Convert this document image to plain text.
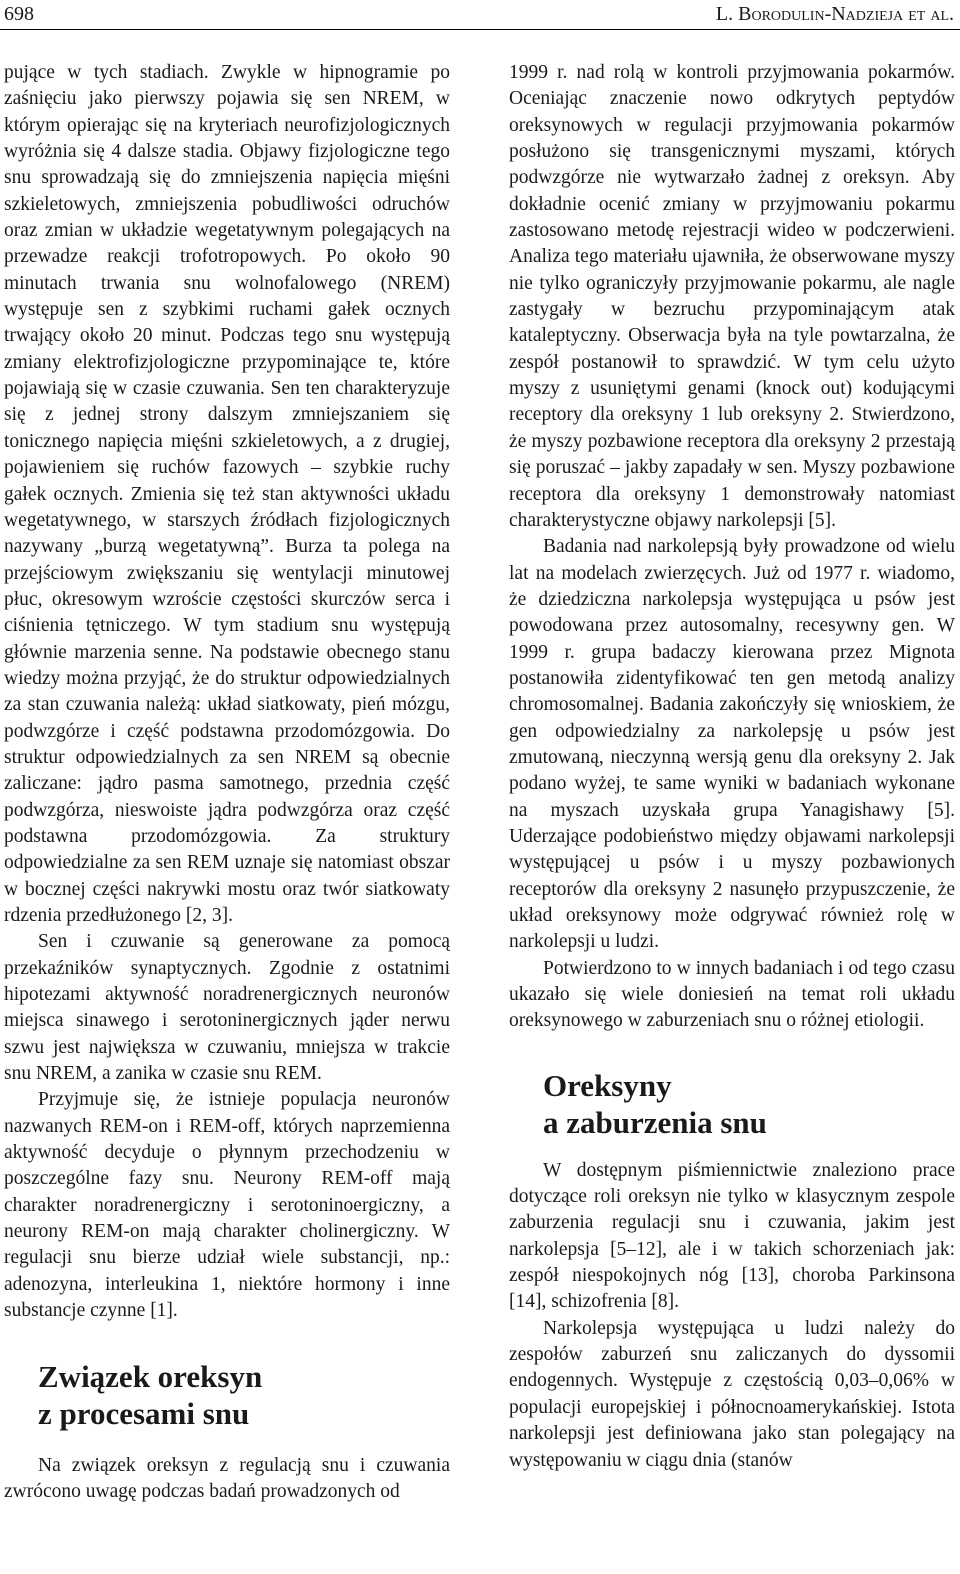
698	L. Borodulin-Nadzieja et al.

pujące w tych stadiach. Zwykle w hipnogramie po zaśnięciu jako pierwszy pojawia się sen NREM, w którym opierając się na kryteriach neurofizjologicznych wyróżnia się 4 dalsze stadia. Objawy fizjologiczne tego snu sprowadzają się do zmniejszenia napięcia mięśni szkieletowych, zmniejszenia pobudliwości odruchów oraz zmian w układzie wegetatywnym polegających na przewadze reakcji trofotropowych. Po około 90 minutach trwania snu wolnofalowego (NREM) występuje sen z szybkimi ruchami gałek ocznych trwający około 20 minut. Podczas tego snu występują zmiany elektrofizjologiczne przypominające te, które pojawiają się w czasie czuwania. Sen ten charakteryzuje się z jednej strony dalszym zmniejszaniem się tonicznego napięcia mięśni szkieletowych, a z drugiej, pojawieniem się ruchów fazowych – szybkie ruchy gałek ocznych. Zmienia się też stan aktywności układu wegetatywnego, w starszych źródłach fizjologicznych nazywany „burzą wegetatywną”. Burza ta polega na przejściowym zwiększaniu się wentylacji minutowej płuc, okresowym wzroście częstości skurczów serca i ciśnienia tętniczego. W tym stadium snu występują głównie marzenia senne. Na podstawie obecnego stanu wiedzy można przyjąć, że do struktur odpowiedzialnych za stan czuwania należą: układ siatkowaty, pień mózgu, podwzgórze i część podstawna przodomózgowia. Do struktur odpowiedzialnych za sen NREM są obecnie zaliczane: jądro pasma samotnego, przednia część podwzgórza, nieswoiste jądra podwzgórza oraz część podstawna przodomózgowia. Za struktury odpowiedzialne za sen REM uznaje się natomiast obszar w bocznej części nakrywki mostu oraz twór siatkowaty rdzenia przedłużonego [2, 3].

Sen i czuwanie są generowane za pomocą przekaźników synaptycznych. Zgodnie z ostatnimi hipotezami aktywność noradrenergicznych neuronów miejsca sinawego i serotoninergicznych jąder nerwu szwu jest największa w czuwaniu, mniejsza w trakcie snu NREM, a zanika w czasie snu REM.

Przyjmuje się, że istnieje populacja neuronów nazwanych REM-on i REM-off, których naprzemienna aktywność decyduje o płynnym przechodzeniu w poszczególne fazy snu. Neurony REM-off mają charakter noradrenergiczny i serotoninoergiczny, a neurony REM-on mają charakter cholinergiczny. W regulacji snu bierze udział wiele substancji, np.: adenozyna, interleukina 1, niektóre hormony i inne substancje czynne [1].

Związek oreksyn
z procesami snu

Na związek oreksyn z regulacją snu i czuwania zwrócono uwagę podczas badań prowadzonych od

1999 r. nad rolą w kontroli przyjmowania pokarmów. Oceniając znaczenie nowo odkrytych peptydów oreksynowych w regulacji przyjmowania pokarmów posłużono się transgenicznymi myszami, których podwzgórze nie wytwarzało żadnej z oreksyn. Aby dokładnie ocenić zmiany w przyjmowaniu pokarmu zastosowano metodę rejestracji wideo w podczerwieni. Analiza tego materiału ujawniła, że obserwowane myszy nie tylko ograniczyły przyjmowanie pokarmu, ale nagle zastygały w bezruchu przypominającym atak kataleptyczny. Obserwacja była na tyle powtarzalna, że zespół postanowił to sprawdzić. W tym celu użyto myszy z usuniętymi genami (knock out) kodującymi receptory dla oreksyny 1 lub oreksyny 2. Stwierdzono, że myszy pozbawione receptora dla oreksyny 2 przestają się poruszać – jakby zapadały w sen. Myszy pozbawione receptora dla oreksyny 1 demonstrowały natomiast charakterystyczne objawy narkolepsji [5].

Badania nad narkolepsją były prowadzone od wielu lat na modelach zwierzęcych. Już od 1977 r. wiadomo, że dziedziczna narkolepsja występująca u psów jest powodowana przez autosomalny, recesywny gen. W 1999 r. grupa badaczy kierowana przez Mignota postanowiła zidentyfikować ten gen metodą analizy chromosomalnej. Badania zakończyły się wnioskiem, że gen odpowiedzialny za narkolepsję u psów jest zmutowaną, nieczynną wersją genu dla oreksyny 2. Jak podano wyżej, te same wyniki w badaniach wykonane na myszach uzyskała grupa Yanagishawy [5]. Uderzające podobieństwo między objawami narkolepsji występującej u psów i u myszy pozbawionych receptorów dla oreksyny 2 nasunęło przypuszczenie, że układ oreksynowy może odgrywać również rolę w narkolepsji u ludzi.

Potwierdzono to w innych badaniach i od tego czasu ukazało się wiele doniesień na temat roli układu oreksynowego w zaburzeniach snu o różnej etiologii.

Oreksyny
a zaburzenia snu

W dostępnym piśmiennictwie znaleziono prace dotyczące roli oreksyn nie tylko w klasycznym zespole zaburzenia regulacji snu i czuwania, jakim jest narkolepsja [5–12], ale i w takich schorzeniach jak: zespół niespokojnych nóg [13], choroba Parkinsona [14], schizofrenia [8].

Narkolepsja występująca u ludzi należy do zespołów zaburzeń snu zaliczanych do dyssomii endogennych. Występuje z częstością 0,03–0,06% w populacji europejskiej i północnoamerykańskiej. Istota narkolepsji jest definiowana jako stan polegający na występowaniu w ciągu dnia (stanów
